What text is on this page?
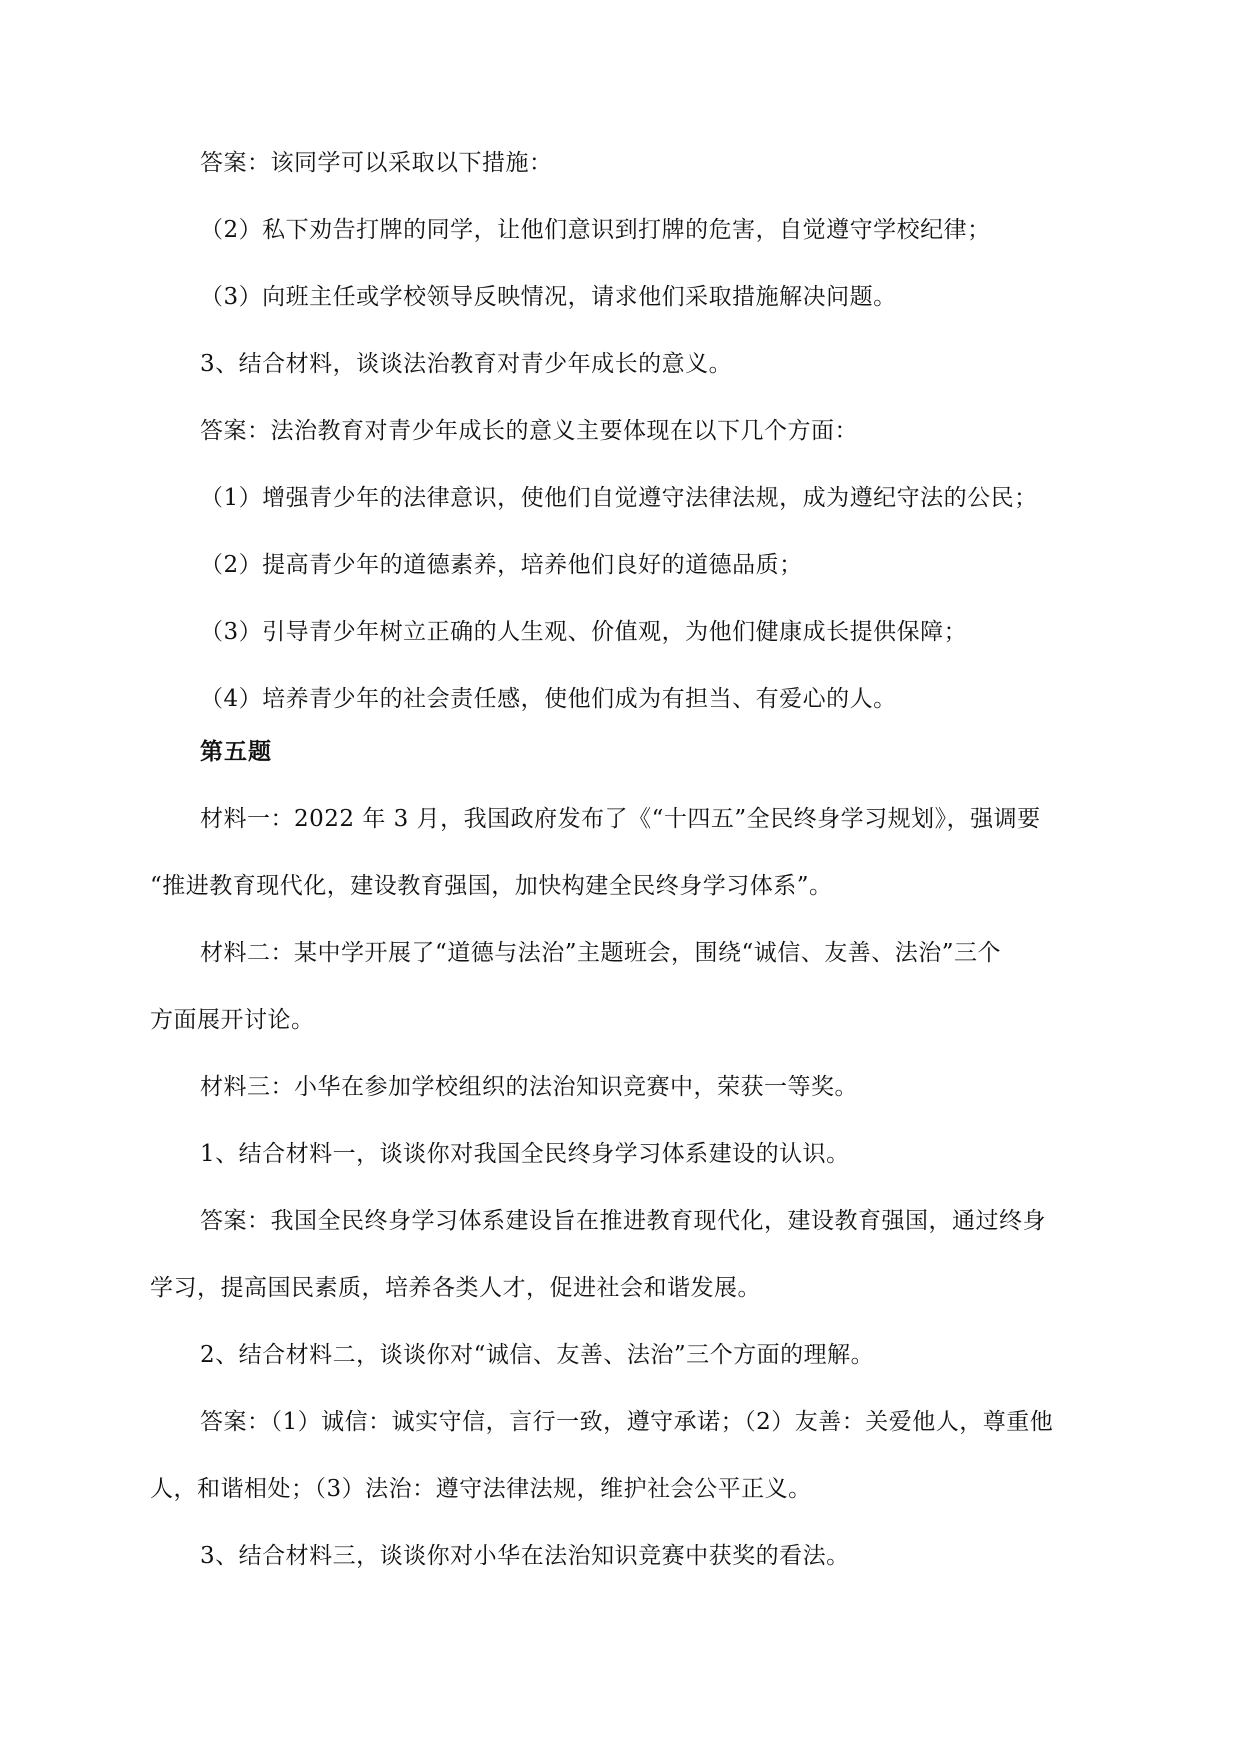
答案：该同学可以采取以下措施：
（2）私下劝告打牌的同学，让他们意识到打牌的危害，自觉遵守学校纪律；
（3）向班主任或学校领导反映情况，请求他们采取措施解决问题。
3、结合材料，谈谈法治教育对青少年成长的意义。
答案：法治教育对青少年成长的意义主要体现在以下几个方面：
（1）增强青少年的法律意识，使他们自觉遵守法律法规，成为遵纪守法的公民；
（2）提高青少年的道德素养，培养他们良好的道德品质；
（3）引导青少年树立正确的人生观、价值观，为他们健康成长提供保障；
（4）培养青少年的社会责任感，使他们成为有担当、有爱心的人。
第五题
材料一：2022 年 3 月，我国政府发布了《“十四五”全民终身学习规划》，强调要
“推进教育现代化，建设教育强国，加快构建全民终身学习体系”。
材料二：某中学开展了“道德与法治”主题班会，围绕“诚信、友善、法治”三个
方面展开讨论。
材料三：小华在参加学校组织的法治知识竞赛中，荣获一等奖。
1、结合材料一，谈谈你对我国全民终身学习体系建设的认识。
答案：我国全民终身学习体系建设旨在推进教育现代化，建设教育强国，通过终身
学习，提高国民素质，培养各类人才，促进社会和谐发展。
2、结合材料二，谈谈你对“诚信、友善、法治”三个方面的理解。
答案：（1）诚信：诚实守信，言行一致，遵守承诺；（2）友善：关爱他人，尊重他
人，和谐相处；（3）法治：遵守法律法规，维护社会公平正义。
3、结合材料三，谈谈你对小华在法治知识竞赛中获奖的看法。
